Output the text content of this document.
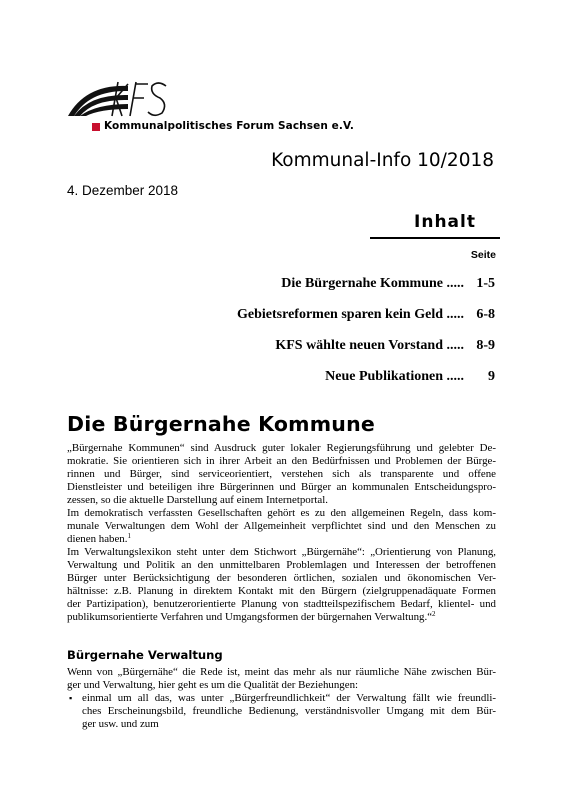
Kommunalpolitisches Forum Sachsen e.V.
Kommunal-Info 10/2018
4. Dezember 2018
Inhalt
Seite
Die Bürgernahe Kommune ..... 1-5
Gebietsreformen sparen kein Geld ..... 6-8
KFS wählte neuen Vorstand ..... 8-9
Neue Publikationen ..... 9
Die Bürgernahe Kommune
„Bürgernahe Kommunen“ sind Ausdruck guter lokaler Regierungsführung und gelebter De-
mokratie. Sie orientieren sich in ihrer Arbeit an den Bedürfnissen und Problemen der Bürge-
rinnen und Bürger, sind serviceorientiert, verstehen sich als transparente und offene
Dienstleister und beteiligen ihre Bürgerinnen und Bürger an kommunalen Entscheidungspro-
zessen, so die aktuelle Darstellung auf einem Internetportal.
Im demokratisch verfassten Gesellschaften gehört es zu den allgemeinen Regeln, dass kom-
munale Verwaltungen dem Wohl der Allgemeinheit verpflichtet sind und den Menschen zu
dienen haben.$^1$
Im Verwaltungslexikon steht unter dem Stichwort „Bürgernähe“: „Orientierung von Planung,
Verwaltung und Politik an den unmittelbaren Problemlagen und Interessen der betroffenen
Bürger unter Berücksichtigung der besonderen örtlichen, sozialen und ökonomischen Ver-
hältnisse: z.B. Planung in direktem Kontakt mit den Bürgern (zielgruppenadäquate Formen
der Partizipation), benutzerorientierte Planung von stadtteilspezifischem Bedarf, klientel- und
publikumsorientierte Verfahren und Umgangsformen der bürgernahen Verwaltung.“$^2$
Bürgernahe Verwaltung
Wenn von „Bürgernähe“ die Rede ist, meint das mehr als nur räumliche Nähe zwischen Bür-
ger und Verwaltung, hier geht es um die Qualität der Beziehungen:
▪ einmal um all das, was unter „Bürgerfreundlichkeit“ der Verwaltung fällt wie freundli-
ches Erscheinungsbild, freundliche Bedienung, verständnisvoller Umgang mit dem Bür-
ger usw. und zum
